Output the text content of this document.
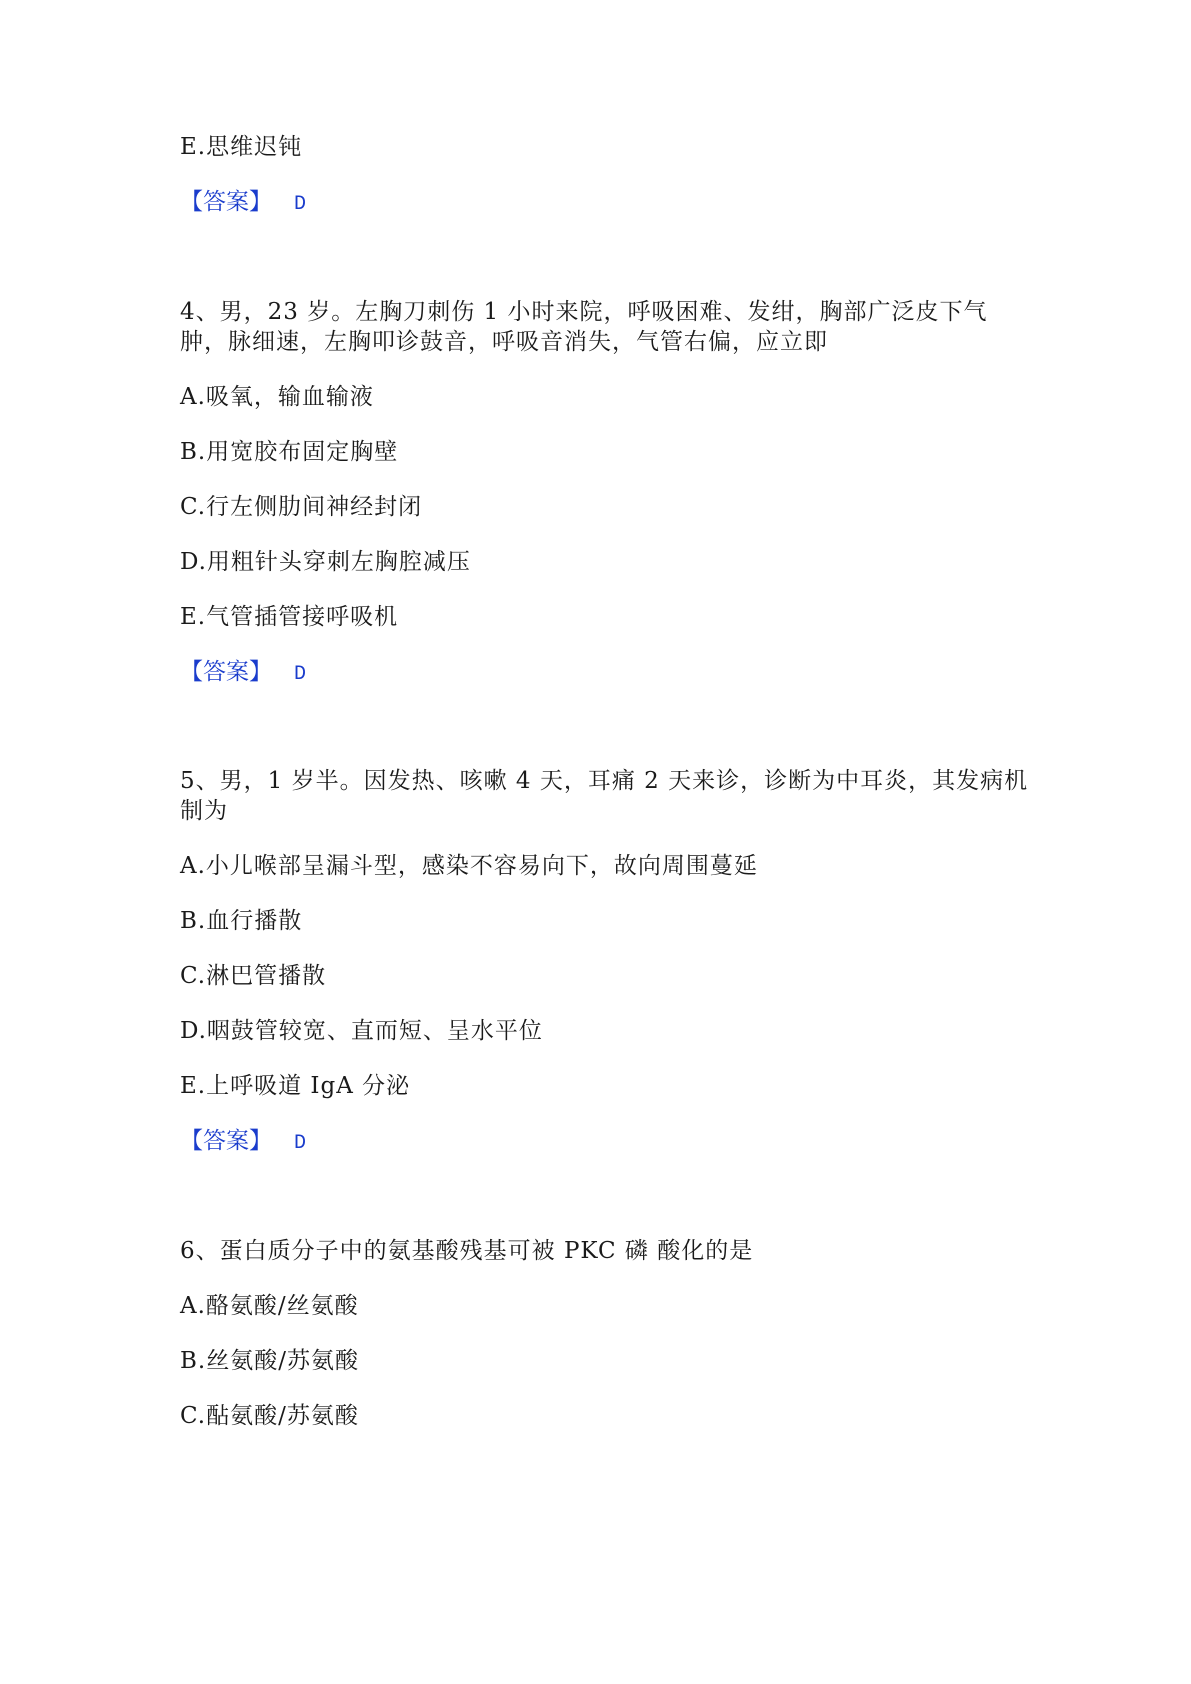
E.思维迟钝
【答案】 D
4、男，23 岁。左胸刀刺伤 1 小时来院，呼吸困难、发绀，胸部广泛皮下气
肿，脉细速，左胸叩诊鼓音，呼吸音消失，气管右偏，应立即
A.吸氧，输血输液
B.用宽胶布固定胸壁
C.行左侧肋间神经封闭
D.用粗针头穿刺左胸腔减压
E.气管插管接呼吸机
【答案】 D
5、男，1 岁半。因发热、咳嗽 4 天，耳痛 2 天来诊，诊断为中耳炎，其发病机
制为
A.小儿喉部呈漏斗型，感染不容易向下，故向周围蔓延
B.血行播散
C.淋巴管播散
D.咽鼓管较宽、直而短、呈水平位
E.上呼吸道 IgA 分泌
【答案】 D
6、蛋白质分子中的氨基酸残基可被 PKC 磷 酸化的是
A.酪氨酸/丝氨酸
B.丝氨酸/苏氨酸
C.酟氨酸/苏氨酸
